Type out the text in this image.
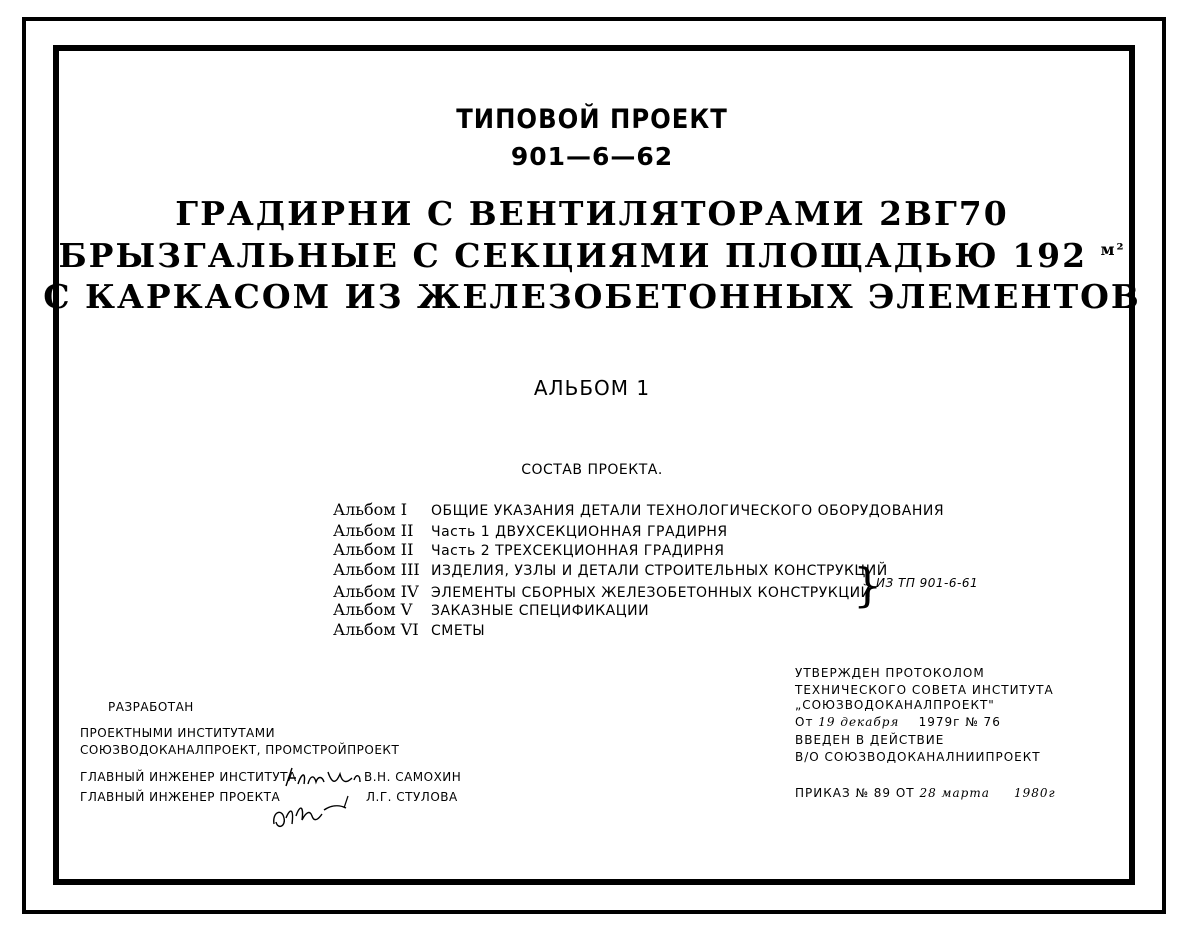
ТИПОВОЙ ПРОЕКТ
901—6—62
ГРАДИРНИ С ВЕНТИЛЯТОРАМИ 2ВГ70
БРЫЗГАЛЬНЫЕ С СЕКЦИЯМИ ПЛОЩАДЬЮ 192 $^{м^2}$
С КАРКАСОМ ИЗ ЖЕЛЕЗОБЕТОННЫХ ЭЛЕМЕНТОВ
АЛЬБОМ 1
СОСТАВ ПРОЕКТА.
Альбом I ОБЩИЕ УКАЗАНИЯ ДЕТАЛИ ТЕХНОЛОГИЧЕСКОГО ОБОРУДОВАНИЯ
Альбом II Часть 1 ДВУХСЕКЦИОННАЯ ГРАДИРНЯ
Альбом II Часть 2 ТРЕХСЕКЦИОННАЯ ГРАДИРНЯ
Альбом III ИЗДЕЛИЯ, УЗЛЫ И ДЕТАЛИ СТРОИТЕЛЬНЫХ КОНСТРУКЦИЙ
Альбом IV ЭЛЕМЕНТЫ СБОРНЫХ ЖЕЛЕЗОБЕТОННЫХ КОНСТРУКЦИЙ
Альбом V ЗАКАЗНЫЕ СПЕЦИФИКАЦИИ
Альбом VI СМЕТЫ
}
ИЗ ТП 901-6-61
РАЗРАБОТАН
ПРОЕКТНЫМИ ИНСТИТУТАМИ
СОЮЗВОДОКАНАЛПРОЕКТ, ПРОМСТРОЙПРОЕКТ
ГЛАВНЫЙ ИНЖЕНЕР ИНСТИТУТА	В.Н. САМОХИН
ГЛАВНЫЙ ИНЖЕНЕР ПРОЕКТА	Л.Г. СТУЛОВА
УТВЕРЖДЕН ПРОТОКОЛОМ
ТЕХНИЧЕСКОГО СОВЕТА ИНСТИТУТА
„СОЮЗВОДОКАНАЛПРОЕКТ"
От 19 декабря 1979г № 76
ВВЕДЕН В ДЕЙСТВИЕ
В/О СОЮЗВОДОКАНАЛНИИПРОЕКТ
ПРИКАЗ № 89 ОТ 28 марта 1980г
